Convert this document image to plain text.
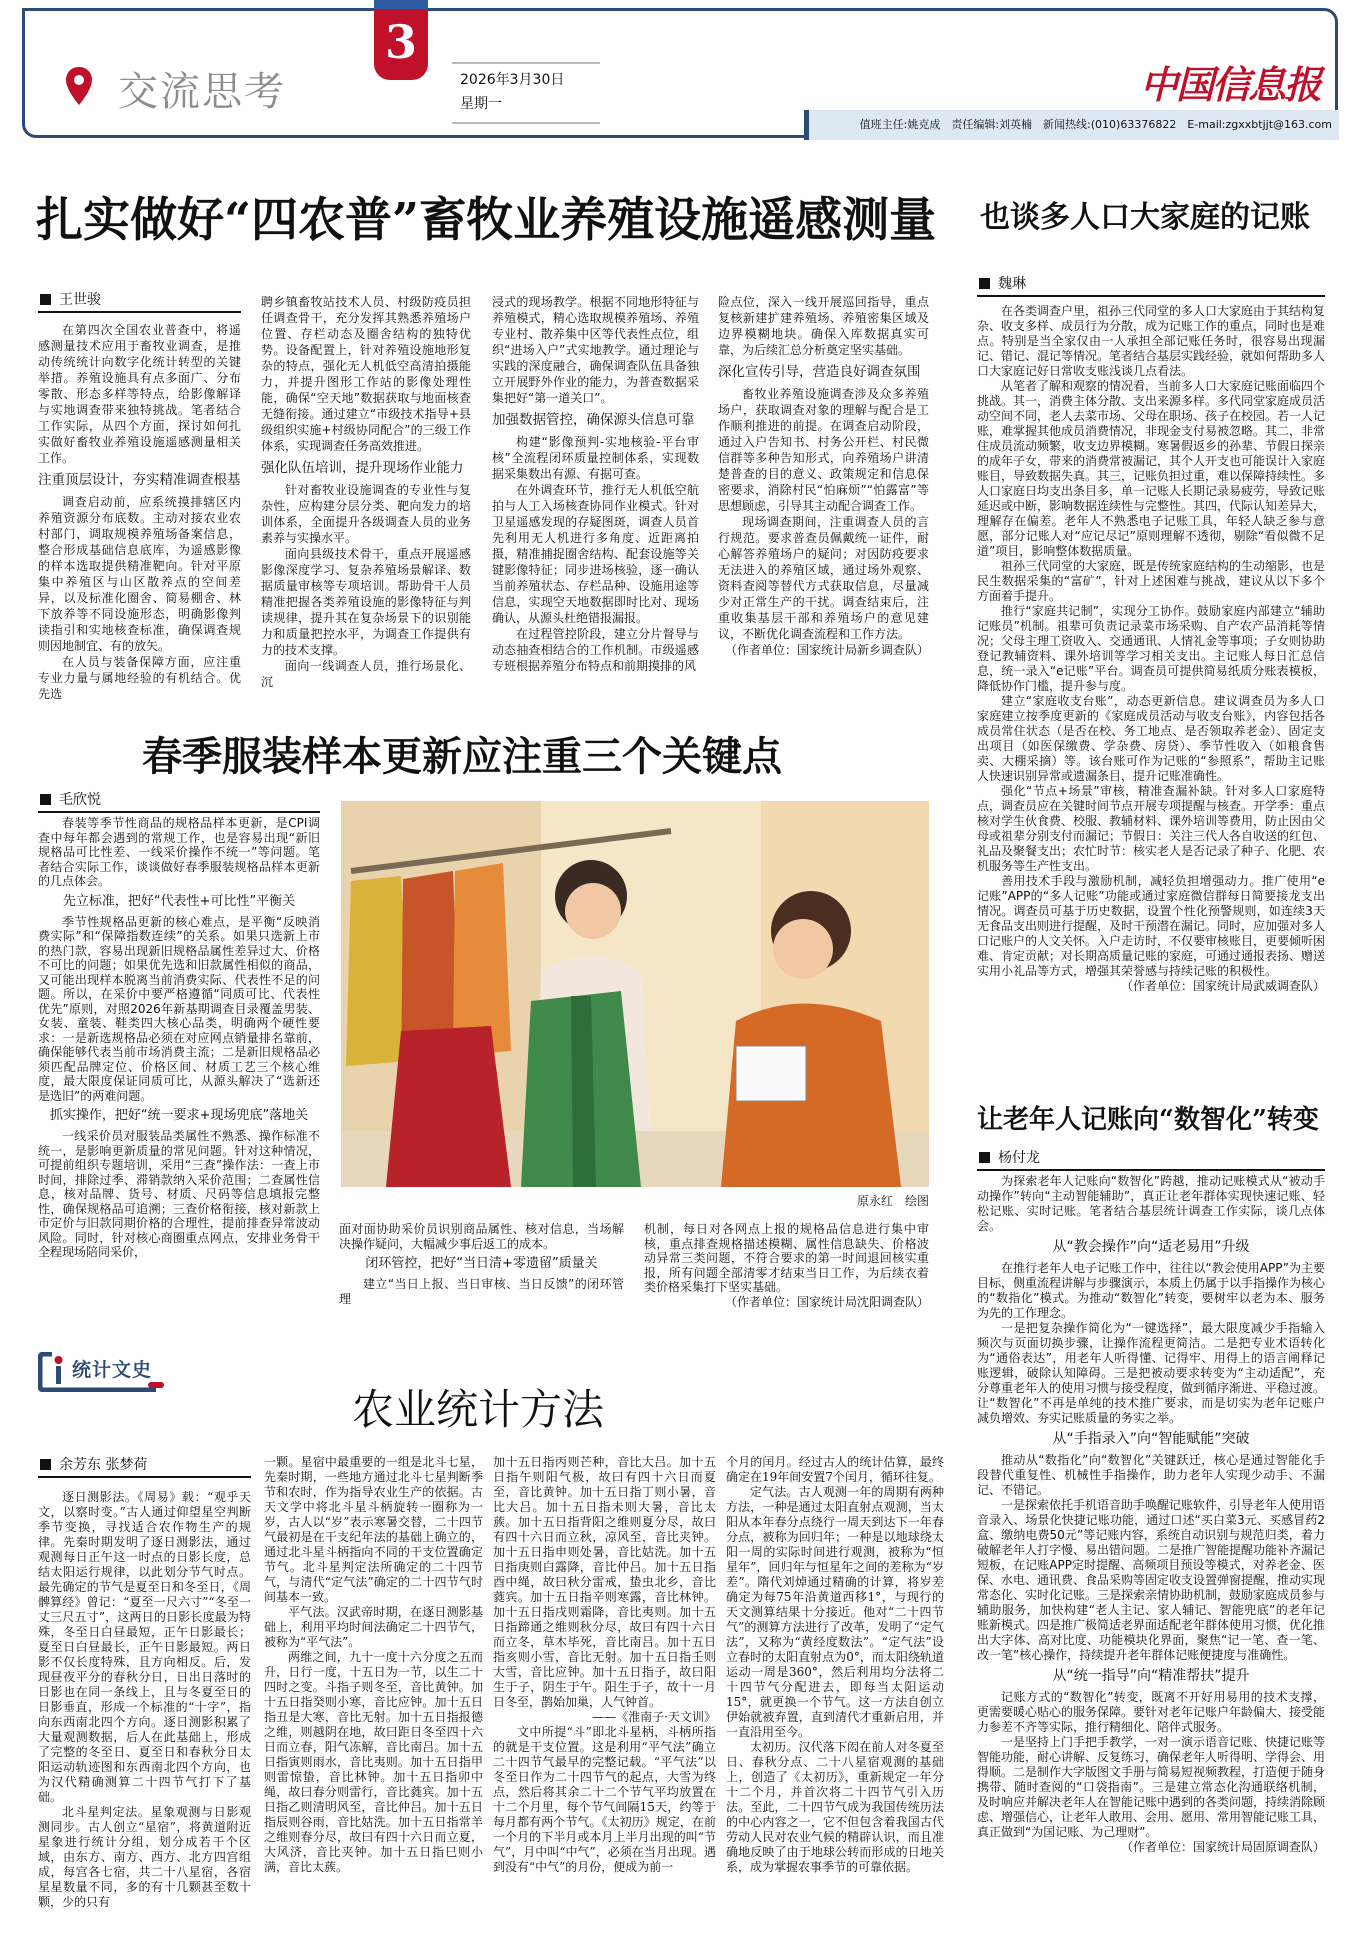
交流思考
3
2026年3月30日
星期一	中国信息报
值班主任:姚克成　责任编辑:刘英楠　新闻热线:(010)63376822　E-mail:zgxxbtjjt@163.com
扎实做好“四农普”畜牧业养殖设施遥感测量
王世骏

在第四次全国农业普查中，将遥感测量技术应用于畜牧业调查，是推动传统统计向数字化统计转型的关键举措。养殖设施具有点多面广、分布零散、形态多样等特点，给影像解译与实地调查带来独特挑战。笔者结合工作实际，从四个方面，探讨如何扎实做好畜牧业养殖设施遥感测量相关工作。

注重顶层设计，夯实精准调查根基

调查启动前，应系统摸排辖区内养殖资源分布底数。主动对接农业农村部门，调取规模养殖场备案信息，整合形成基础信息底库，为遥感影像的样本选取提供精准靶向。针对平原集中养殖区与山区散养点的空间差异，以及标准化圈舍、简易棚舍、林下放养等不同设施形态，明确影像判读指引和实地核查标准，确保调查规则因地制宜、有的放矢。

在人员与装备保障方面，应注重专业力量与属地经验的有机结合。优先选

聘乡镇畜牧站技术人员、村级防疫员担任调查骨干，充分发挥其熟悉养殖场户位置、存栏动态及圈舍结构的独特优势。设备配置上，针对养殖设施地形复杂的特点，强化无人机低空高清拍摄能力，并提升图形工作站的影像处理性能，确保“空天地”数据获取与地面核查无缝衔接。通过建立“市级技术指导+县级组织实施+村级协同配合”的三级工作体系，实现调查任务高效推进。

强化队伍培训，提升现场作业能力

针对畜牧业设施调查的专业性与复杂性，应构建分层分类、靶向发力的培训体系，全面提升各级调查人员的业务素养与实操水平。

面向县级技术骨干，重点开展遥感影像深度学习、复杂养殖场景解译、数据质量审核等专项培训。帮助骨干人员精准把握各类养殖设施的影像特征与判读规律，提升其在复杂场景下的识别能力和质量把控水平，为调查工作提供有力的技术支撑。

面向一线调查人员，推行场景化、沉

浸式的现场教学。根据不同地形特征与养殖模式，精心选取规模养殖场、养殖专业村、散养集中区等代表性点位，组织“进场入户”式实地教学。通过理论与实践的深度融合，确保调查队伍具备独立开展野外作业的能力，为普查数据采集把好“第一道关口”。

加强数据管控，确保源头信息可靠

构建“影像预判-实地核验-平台审核”全流程闭环质量控制体系，实现数据采集数出有源、有据可查。

在外调查环节，推行无人机低空航拍与人工入场核查协同作业模式。针对卫星遥感发现的存疑图斑，调查人员首先利用无人机进行多角度、近距离拍摄，精准捕捉圈舍结构、配套设施等关键影像特征；同步进场核验，逐一确认当前养殖状态、存栏品种、设施用途等信息，实现空天地数据即时比对、现场确认，从源头杜绝错报漏报。

在过程管控阶段，建立分片督导与动态抽查相结合的工作机制。市级遥感专班根据养殖分布特点和前期摸排的风

险点位，深入一线开展巡回指导，重点复核新建扩建养殖场、养殖密集区域及边界模糊地块。确保入库数据真实可靠，为后续汇总分析奠定坚实基础。

深化宣传引导，营造良好调查氛围

畜牧业养殖设施调查涉及众多养殖场户，获取调查对象的理解与配合是工作顺利推进的前提。在调查启动阶段，通过入户告知书、村务公开栏、村民微信群等多种告知形式，向养殖场户讲清楚普查的目的意义、政策规定和信息保密要求，消除村民“怕麻烦”“怕露富”等思想顾虑，引导其主动配合调查工作。

现场调查期间，注重调查人员的言行规范。要求普查员佩戴统一证件，耐心解答养殖场户的疑问；对因防疫要求无法进入的养殖区域，通过场外观察、资料查阅等替代方式获取信息，尽量减少对正常生产的干扰。调查结束后，注重收集基层干部和养殖场户的意见建议，不断优化调查流程和工作方法。

（作者单位：国家统计局新乡调查队）

也谈多人口大家庭的记账
魏琳

在各类调查户里，祖孙三代同堂的多人口大家庭由于其结构复杂、收支多样、成员行为分散，成为记账工作的重点，同时也是难点。特别是当全家仅由一人承担全部记账任务时，很容易出现漏记、错记、混记等情况。笔者结合基层实践经验，就如何帮助多人口大家庭记好日常收支账浅谈几点看法。

从笔者了解和观察的情况看，当前多人口大家庭记账面临四个挑战。其一，消费主体分散、支出来源多样。多代同堂家庭成员活动空间不同，老人去菜市场、父母在职场、孩子在校园。若一人记账，难掌握其他成员消费情况，非现金支付易被忽略。其二，非常住成员流动频繁，收支边界模糊。寒暑假返乡的孙辈、节假日探亲的成年子女，带来的消费常被漏记，其个人开支也可能误计入家庭账目，导致数据失真。其三，记账负担过重，难以保障持续性。多人口家庭日均支出条目多，单一记账人长期记录易疲劳，导致记账延迟或中断，影响数据连续性与完整性。其四，代际认知差异大，理解存在偏差。老年人不熟悉电子记账工具，年轻人缺乏参与意愿，部分记账人对“应记尽记”原则理解不透彻，剔除“看似微不足道”项目，影响整体数据质量。

祖孙三代同堂的大家庭，既是传统家庭结构的生动缩影，也是民生数据采集的“富矿”，针对上述困难与挑战，建议从以下多个方面着手提升。

推行“家庭共记制”，实现分工协作。鼓励家庭内部建立“辅助记账员”机制。祖辈可负责记录菜市场采购、自产农产品消耗等情况；父母主理工资收入、交通通讯、人情礼金等事项；子女则协助登记教辅资料、课外培训等学习相关支出。主记账人每日汇总信息，统一录入“e记账”平台。调查员可提供简易纸质分账表模板，降低协作门槛，提升参与度。

建立“家庭收支台账”，动态更新信息。建议调查员为多人口家庭建立按季度更新的《家庭成员活动与收支台账》，内容包括各成员常住状态（是否在校、务工地点、是否领取养老金）、固定支出项目（如医保缴费、学杂费、房贷）、季节性收入（如粮食售卖、大棚采摘）等。该台账可作为记账的“参照系”，帮助主记账人快速识别异常或遗漏条目，提升记账准确性。

强化“节点+场景”审核，精准查漏补缺。针对多人口家庭特点，调查员应在关键时间节点开展专项提醒与核查。开学季：重点核对学生伙食费、校服、教辅材料、课外培训等费用，防止因由父母或祖辈分别支付而漏记；节假日：关注三代人各自收送的红包、礼品及聚餐支出；农忙时节：核实老人是否记录了种子、化肥、农机服务等生产性支出。

善用技术手段与激励机制，减轻负担增强动力。推广使用“e记账”APP的“多人记账”功能或通过家庭微信群每日简要接龙支出情况。调查员可基于历史数据，设置个性化预警规则，如连续3天无食品支出则进行提醒，及时干预潜在漏记。同时，应加强对多人口记账户的人文关怀。入户走访时，不仅要审核账目，更要倾听困难、肯定贡献；对长期高质量记账的家庭，可通过通报表扬、赠送实用小礼品等方式，增强其荣誉感与持续记账的积极性。

（作者单位：国家统计局武威调查队）

让老年人记账向“数智化”转变
杨付龙

为探索老年人记账向“数智化”跨越，推动记账模式从“被动手动操作”转向“主动智能辅助”，真正让老年群体实现快速记账、轻松记账、实时记账。笔者结合基层统计调查工作实际，谈几点体会。

从“教会操作”向“适老易用”升级

在推行老年人电子记账工作中，往往以“教会使用APP”为主要目标，侧重流程讲解与步骤演示，本质上仍属于以手指操作为核心的“数指化”模式。为推动“数智化”转变，要树牢以老为本、服务为先的工作理念。

一是把复杂操作简化为“一键选择”，最大限度减少手指输入频次与页面切换步骤，让操作流程更简洁。二是把专业术语转化为“通俗表达”，用老年人听得懂、记得牢、用得上的语言阐释记账逻辑，破除认知障碍。三是把被动要求转变为“主动适配”，充分尊重老年人的使用习惯与接受程度，做到循序渐进、平稳过渡。让“数智化”不再是单纯的技术推广要求，而是切实为老年记账户减负增效、夯实记账质量的务实之举。

从“手指录入”向“智能赋能”突破

推动从“数指化”向“数智化”关键跃迁，核心是通过智能化手段替代重复性、机械性手指操作，助力老年人实现少动手、不漏记、不错记。

一是探索依托手机语音助手唤醒记账软件，引导老年人使用语音录入、场景化快捷记账功能，通过口述“买白菜3元、买感冒药2盒、缴纳电费50元”等记账内容，系统自动识别与规范归类，着力破解老年人打字慢、易出错问题。二是推广智能提醒功能补齐漏记短板，在记账APP定时提醒、高频项目预设等模式，对养老金、医保、水电、通讯费、食品采购等固定收支设置弹窗提醒，推动实现常态化、实时化记账。三是探索亲情协助机制，鼓励家庭成员参与辅助服务，加快构建“老人主记、家人辅记、智能兜底”的老年记账新模式。四是推广极简适老界面适配老年群体使用习惯，优化推出大字体、高对比度、功能模块化界面，聚焦“记一笔、查一笔、改一笔”核心操作，持续提升老年群体记账便捷度与准确性。

从“统一指导”向“精准帮扶”提升

记账方式的“数智化”转变，既离不开好用易用的技术支撑，更需要暖心贴心的服务保障。要针对老年记账户年龄偏大、接受能力参差不齐等实际，推行精细化、陪伴式服务。

一是坚持上门手把手教学，一对一演示语音记账、快捷记账等智能功能，耐心讲解、反复练习，确保老年人听得明、学得会、用得顺。二是制作大字版图文手册与简易短视频教程，打造便于随身携带、随时查阅的“口袋指南”。三是建立常态化沟通联络机制，及时响应并解决老年人在智能记账中遇到的各类问题，持续消除顾虑、增强信心，让老年人敢用、会用、愿用、常用智能记账工具，真正做到“为国记账、为己理财”。

（作者单位：国家统计局固原调查队）

春季服装样本更新应注重三个关键点
毛欣悦

春装等季节性商品的规格品样本更新，是CPI调查中每年都会遇到的常规工作，也是容易出现“新旧规格品可比性差、一线采价操作不统一”等问题。笔者结合实际工作，谈谈做好春季服装规格品样本更新的几点体会。

先立标准，把好“代表性+可比性”平衡关

季节性规格品更新的核心难点，是平衡“反映消费实际”和“保障指数连续”的关系。如果只选新上市的热门款，容易出现新旧规格品属性差异过大、价格不可比的问题；如果优先选和旧款属性相似的商品，又可能出现样本脱离当前消费实际、代表性不足的问题。所以，在采价中要严格遵循“同质可比、代表性优先”原则，对照2026年新基期调查目录覆盖男装、女装、童装、鞋类四大核心品类，明确两个硬性要求：一是新选规格品必须在对应网点销量排名靠前，确保能够代表当前市场消费主流；二是新旧规格品必须匹配品牌定位、价格区间、材质工艺三个核心维度，最大限度保证同质可比，从源头解决了“选新还是选旧”的两难问题。

抓实操作，把好“统一要求+现场兜底”落地关

一线采价员对服装品类属性不熟悉、操作标准不统一，是影响更新质量的常见问题。针对这种情况，可提前组织专题培训，采用“三查”操作法：一查上市时间，排除过季、滞销款纳入采价范围；二查属性信息，核对品牌、货号、材质、尺码等信息填报完整性，确保规格品可追溯；三查价格衔接，核对新款上市定价与旧款同期价格的合理性，提前排查异常波动风险。同时，针对核心商圈重点网点，安排业务骨干全程现场陪同采价，

原永红　绘图

面对面协助采价员识别商品属性、核对信息，当场解决操作疑问，大幅减少事后返工的成本。

闭环管控，把好“当日清+零遗留”质量关

建立“当日上报、当日审核、当日反馈”的闭环管理

机制，每日对各网点上报的规格品信息进行集中审核，重点排查规格描述模糊、属性信息缺失、价格波动异常三类问题，不符合要求的第一时间退回核实重报，所有问题全部清零才结束当日工作，为后续衣着类价格采集打下坚实基础。

（作者单位：国家统计局沈阳调查队）

统计文史
农业统计方法
余芳东 张梦荷

逐日测影法。《周易》载：“观乎天文，以察时变。”古人通过仰望星空判断季节变换，寻找适合农作物生产的规律。先秦时期发明了逐日测影法，通过观测每日正午这一时点的日影长度，总结太阳运行规律，以此划分节气时点。最先确定的节气是夏至日和冬至日，《周髀算经》曾记：“夏至一尺六寸”“冬至一丈三尺五寸”，这两日的日影长度最为特殊，冬至日白昼最短，正午日影最长；夏至日白昼最长，正午日影最短。两日影不仅长度特殊，且方向相反。后，发现昼夜平分的春秋分日，日出日落时的日影也在同一条线上，且与冬夏至日的日影垂直，形成一个标准的“十字”，指向东西南北四个方向。逐日测影积累了大量观测数据，后人在此基础上，形成了完整的冬至日、夏至日和春秋分日太阳运动轨迹图和东西南北四个方向，也为汉代精确测算二十四节气打下了基础。

北斗星判定法。星象观测与日影观测同步。古人创立“星宿”，将黄道附近星象进行统计分组，划分成若干个区域，由东方、南方、西方、北方四宫组成，每宫各七宿，共二十八星宿，各宿星星数量不同，多的有十几颗甚至数十颗，少的只有

一颗。星宿中最重要的一组是北斗七星，先秦时期，一些地方通过北斗七星判断季节和农时，作为指导农业生产的依据。古天文学中将北斗星斗柄旋转一圈称为一岁，古人以“岁”表示寒暑交替，二十四节气最初是在干支纪年法的基础上确立的，通过北斗星斗柄指向不同的干支位置确定节气。北斗星判定法所确定的二十四节气，与清代“定气法”确定的二十四节气时间基本一致。

平气法。汉武帝时期，在逐日测影基础上，利用平均时间法确定二十四节气，被称为“平气法”。

两维之间，九十一度十六分度之五而升，日行一度，十五日为一节，以生二十四时之变。斗指子则冬至，音比黄钟。加十五日指癸则小寒，音比应钟。加十五日指丑是大寒，音比无射。加十五日指报德之维，则越阴在地，故曰距日冬至四十六日而立春，阳气冻解，音比南吕。加十五日指寅则雨水，音比夷则。加十五日指甲则雷惊蛰，音比林钟。加十五日指卯中绳，故曰春分则雷行，音比蕤宾。加十五日指乙则清明风至，音比仲吕。加十五日指辰则谷雨，音比姑洗。加十五日指常羊之维则春分尽，故曰有四十六日而立夏，大风济，音比夹钟。加十五日指巳则小满，音比太蔟。

加十五日指丙则芒种，音比大吕。加十五日指午则阳气极，故曰有四十六日而夏至，音比黄钟。加十五日指丁则小暑，音比大吕。加十五日指未则大暑，音比太蔟。加十五日指背阳之维则夏分尽，故曰有四十六日而立秋，凉风至，音比夹钟。加十五日指申则处暑，音比姑洗。加十五日指庚则白露降，音比仲吕。加十五日指酉中绳，故曰秋分雷戒，蛰虫北乡，音比蕤宾。加十五日指辛则寒露，音比林钟。加十五日指戌则霜降，音比夷则。加十五日指蹄通之维则秋分尽，故曰有四十六日而立冬，草木毕死，音比南吕。加十五日指亥则小雪，音比无射。加十五日指壬则大雪，音比应钟。加十五日指子，故曰阳生于子，阴生于午。阳生于子，故十一月日冬至，鹊始加巢，人气钟首。

——《淮南子·天文训》

文中所提“斗”即北斗星柄，斗柄所指的就是干支位置。这是利用“平气法”确立二十四节气最早的完整记载。“平气法”以冬至日作为二十四节气的起点，大雪为终点，然后将其余二十二个节气平均放置在十二个月里，每个节气间隔15天，约等于每月都有两个节气。《太初历》规定，在前一个月的下半月或本月上半月出现的叫“节气”，月中叫“中气”，必须在当月出现。遇到没有“中气”的月份，便成为前一

个月的闰月。经过古人的统计估算，最终确定在19年间安置7个闰月，循环往复。

定气法。古人观测一年的周期有两种方法，一种是通过太阳直射点观测，当太阳从本年春分点绕行一周天到达下一年春分点，被称为回归年；一种是以地球绕太阳一周的实际时间进行观测，被称为“恒星年”，回归年与恒星年之间的差称为“岁差”。隋代刘焯通过精确的计算，将岁差确定为每75年沿黄道西移1°，与现行的天文测算结果十分接近。他对“二十四节气”的测算方法进行了改革，发明了“定气法”，又称为“黄经度数法”。“定气法”设立春时的太阳直射点为0°，而太阳绕轨道运动一周是360°，然后利用均分法将二十四节气分配进去，即每当太阳运动15°，就更换一个节气。这一方法自创立伊始就被弃置，直到清代才重新启用，并一直沿用至今。

太初历。汉代落下闳在前人对冬夏至日、春秋分点、二十八星宿观测的基础上，创造了《太初历》，重新规定一年分十二个月，并首次将二十四节气引入历法。至此，二十四节气成为我国传统历法的中心内容之一，它不但包含着我国古代劳动人民对农业气候的精辟认识，而且准确地反映了由于地球公转而形成的日地关系，成为掌握农事季节的可靠依据。
